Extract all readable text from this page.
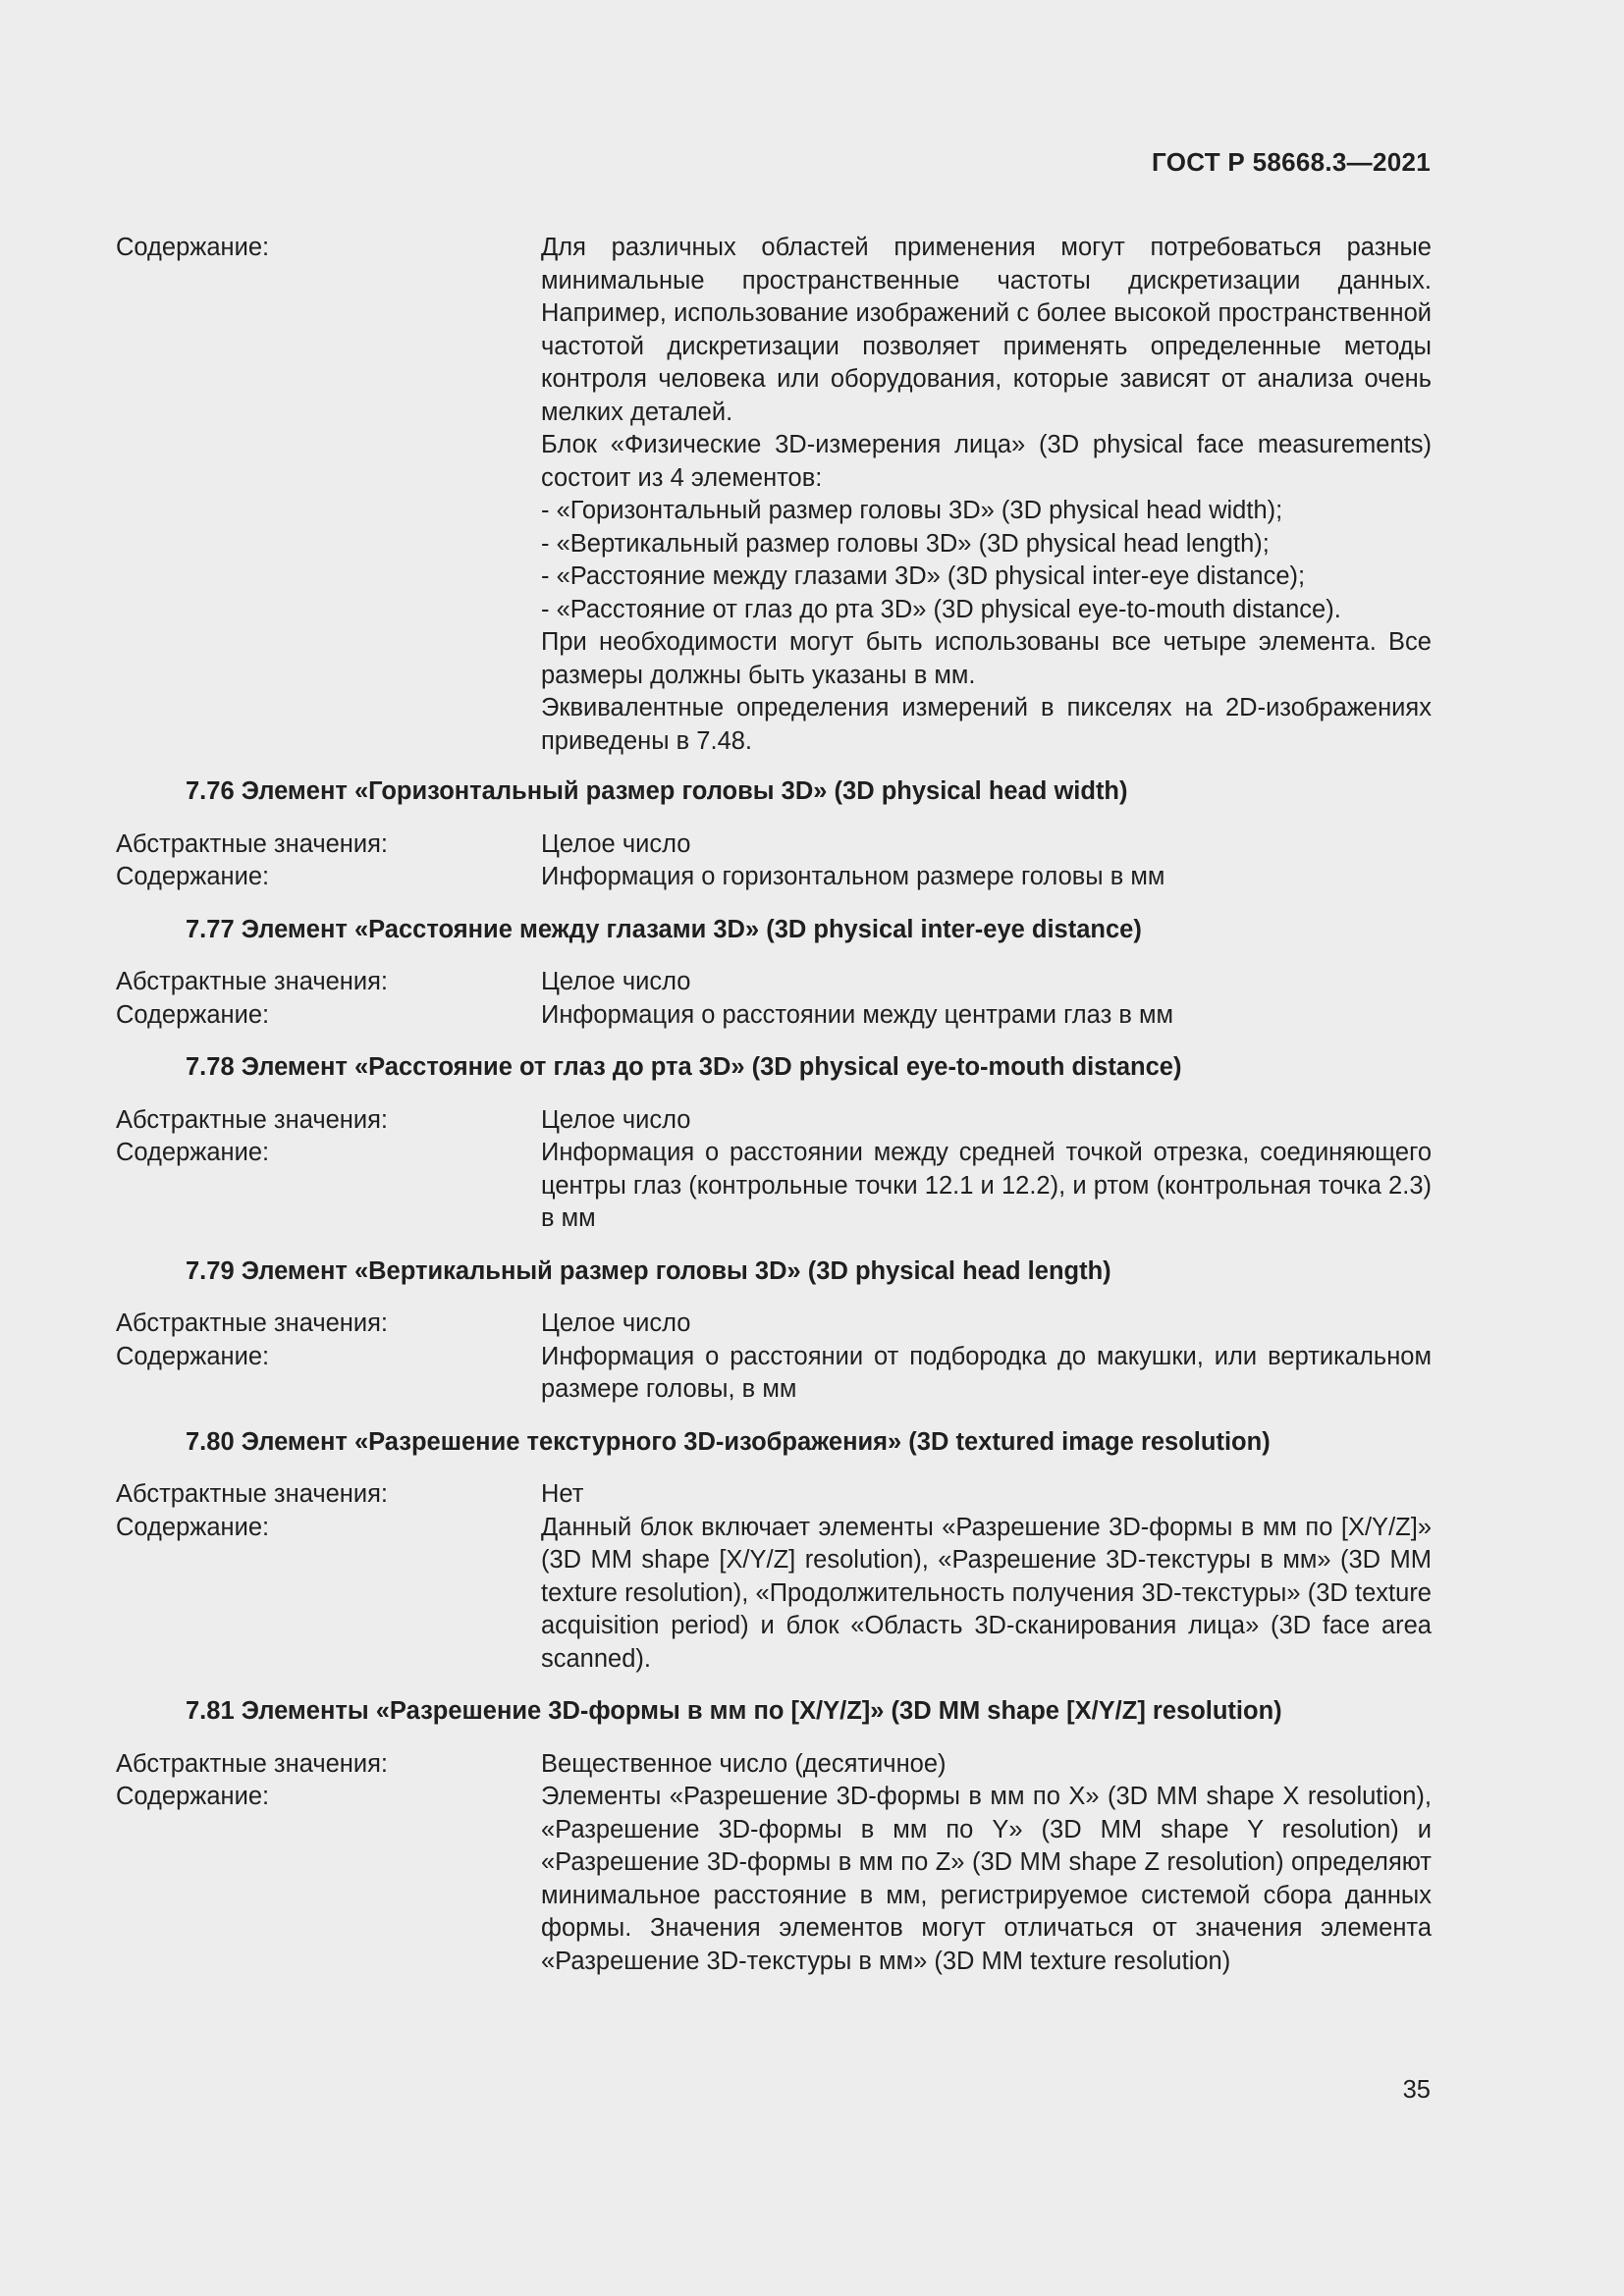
ГОСТ Р 58668.3—2021
Содержание:	Для различных областей применения могут потребоваться разные минимальные пространственные частоты дискретизации данных. Например, использование изображений с более высокой пространственной частотой дискретизации позволяет применять определенные методы контроля человека или оборудования, которые зависят от анализа очень мелких деталей.

Блок «Физические 3D-измерения лица» (3D physical face measurements) состоит из 4 элементов:

- «Горизонтальный размер головы 3D» (3D physical head width);

- «Вертикальный размер головы 3D» (3D physical head length);

- «Расстояние между глазами 3D» (3D physical inter-eye distance);

- «Расстояние от глаз до рта 3D» (3D physical eye-to-mouth distance).

При необходимости могут быть использованы все четыре элемента. Все размеры должны быть указаны в мм.

Эквивалентные определения измерений в пикселях на 2D-изображениях приведены в 7.48.

7.76 Элемент «Горизонтальный размер головы 3D» (3D physical head width)
Абстрактные значения:	Целое число
Содержание:	Информация о горизонтальном размере головы в мм

7.77 Элемент «Расстояние между глазами 3D» (3D physical inter-eye distance)
Абстрактные значения:	Целое число
Содержание:	Информация о расстоянии между центрами глаз в мм

7.78 Элемент «Расстояние от глаз до рта 3D» (3D physical eye-to-mouth distance)
Абстрактные значения:	Целое число
Содержание:	Информация о расстоянии между средней точкой отрезка, соединяющего центры глаз (контрольные точки 12.1 и 12.2), и ртом (контрольная точка 2.3) в мм

7.79 Элемент «Вертикальный размер головы 3D» (3D physical head length)
Абстрактные значения:	Целое число
Содержание:	Информация о расстоянии от подбородка до макушки, или вертикальном размере головы, в мм

7.80 Элемент «Разрешение текстурного 3D-изображения» (3D textured image resolution)
Абстрактные значения:	Нет
Содержание:	Данный блок включает элементы «Разрешение 3D-формы в мм по [X/Y/Z]» (3D MM shape [X/Y/Z] resolution), «Разрешение 3D-текстуры в мм» (3D MM texture resolution), «Продолжительность получения 3D-текстуры» (3D texture acquisition period) и блок «Область 3D-сканирования лица» (3D face area scanned).

7.81 Элементы «Разрешение 3D-формы в мм по [X/Y/Z]» (3D MM shape [X/Y/Z] resolution)
Абстрактные значения:	Вещественное число (десятичное)
Содержание:	Элементы «Разрешение 3D-формы в мм по X» (3D MM shape X resolution), «Разрешение 3D-формы в мм по Y» (3D MM shape Y resolution) и «Разрешение 3D-формы в мм по Z» (3D MM shape Z resolution) определяют минимальное расстояние в мм, регистрируемое системой сбора данных формы. Значения элементов могут отличаться от значения элемента «Разрешение 3D-текстуры в мм» (3D MM texture resolution)

35
